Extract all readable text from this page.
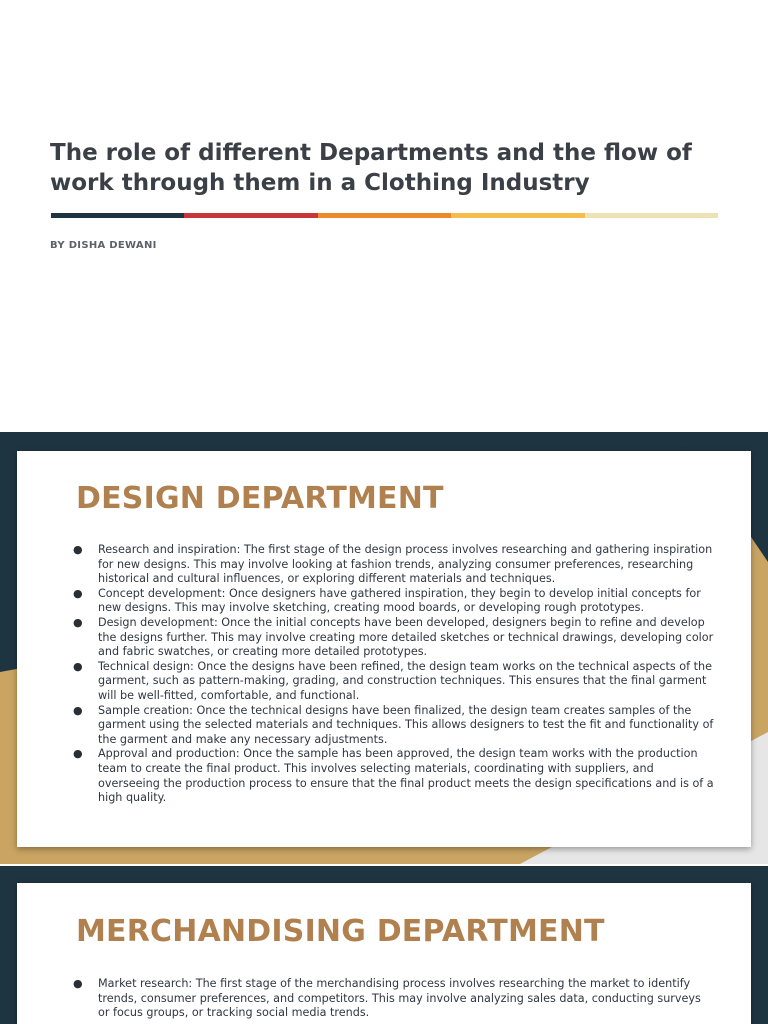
The role of different Departments and the flow of work through them in a Clothing Industry
BY DISHA DEWANI
DESIGN DEPARTMENT
● Research and inspiration: The first stage of the design process involves researching and gathering inspiration for new designs. This may involve looking at fashion trends, analyzing consumer preferences, researching historical and cultural influences, or exploring different materials and techniques.
● Concept development: Once designers have gathered inspiration, they begin to develop initial concepts for new designs. This may involve sketching, creating mood boards, or developing rough prototypes.
● Design development: Once the initial concepts have been developed, designers begin to refine and develop the designs further. This may involve creating more detailed sketches or technical drawings, developing color and fabric swatches, or creating more detailed prototypes.
● Technical design: Once the designs have been refined, the design team works on the technical aspects of the garment, such as pattern-making, grading, and construction techniques. This ensures that the final garment will be well-fitted, comfortable, and functional.
● Sample creation: Once the technical designs have been finalized, the design team creates samples of the garment using the selected materials and techniques. This allows designers to test the fit and functionality of the garment and make any necessary adjustments.
● Approval and production: Once the sample has been approved, the design team works with the production team to create the final product. This involves selecting materials, coordinating with suppliers, and overseeing the production process to ensure that the final product meets the design specifications and is of a high quality.
MERCHANDISING DEPARTMENT
● Market research: The first stage of the merchandising process involves researching the market to identify trends, consumer preferences, and competitors. This may involve analyzing sales data, conducting surveys or focus groups, or tracking social media trends.
